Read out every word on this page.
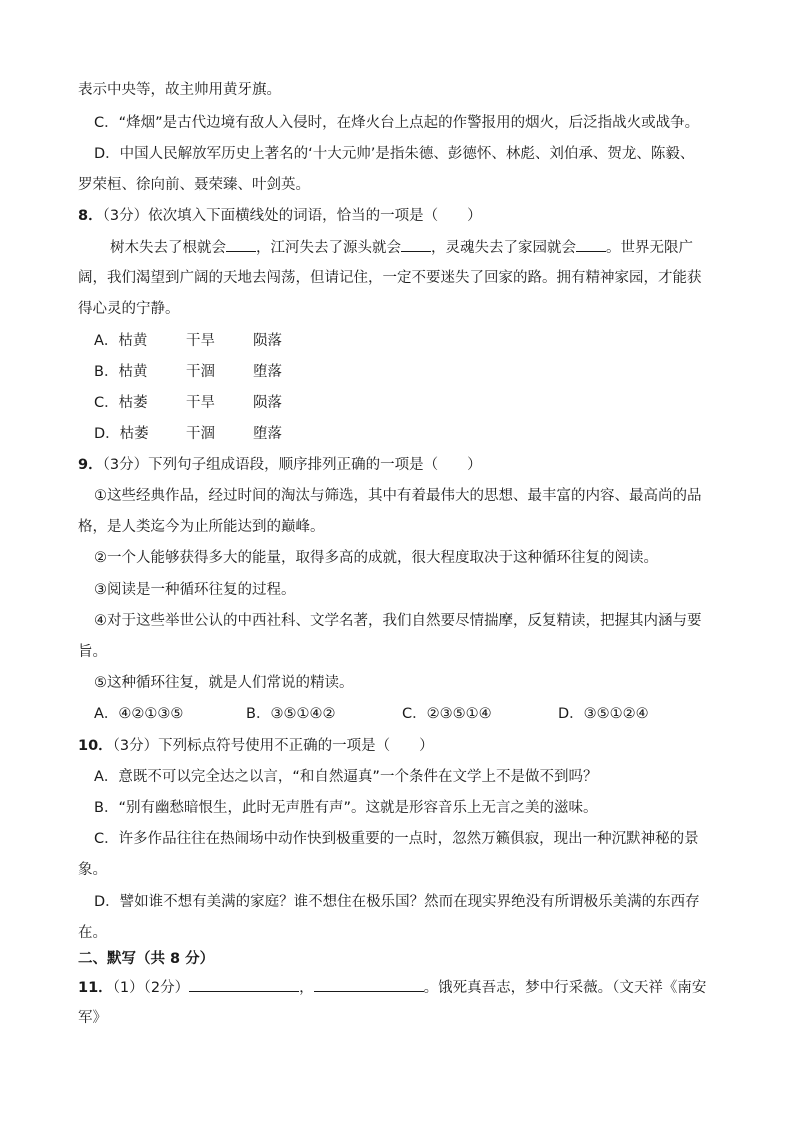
表示中央等，故主帅用黄牙旗。
C．“烽烟”是古代边境有敌人入侵时，在烽火台上点起的作警报用的烟火，后泛指战火或战争。
D．中国人民解放军历史上著名的‘十大元帅’是指朱德、彭德怀、林彪、刘伯承、贺龙、陈毅、
罗荣桓、徐向前、聂荣臻、叶剑英。
8．（3分）依次填入下面横线处的词语，恰当的一项是（　　）
树木失去了根就会 ，江河失去了源头就会 ，灵魂失去了家园就会 。世界无限广
阔，我们渴望到广阔的天地去闯荡，但请记住，一定不要迷失了回家的路。拥有精神家园，才能获
得心灵的宁静。
A．枯黄	干旱	陨落
B．枯黄	干涸	堕落
C．枯萎	干旱	陨落
D．枯萎	干涸	堕落
9．（3分）下列句子组成语段，顺序排列正确的一项是（　　）
①这些经典作品，经过时间的淘汰与筛选，其中有着最伟大的思想、最丰富的内容、最高尚的品
格，是人类迄今为止所能达到的巅峰。
②一个人能够获得多大的能量，取得多高的成就，很大程度取决于这种循环往复的阅读。
③阅读是一种循环往复的过程。
④对于这些举世公认的中西社科、文学名著，我们自然要尽情揣摩，反复精读，把握其内涵与要
旨。
⑤这种循环往复，就是人们常说的精读。
A．④②①③⑤	B．③⑤①④②	C．②③⑤①④	D．③⑤①②④
10．（3分）下列标点符号使用不正确的一项是（　　）
A．意既不可以完全达之以言，“和自然逼真”一个条件在文学上不是做不到吗？
B．“别有幽愁暗恨生，此时无声胜有声”。这就是形容音乐上无言之美的滋味。
C．许多作品往往在热闹场中动作快到极重要的一点时，忽然万籁俱寂，现出一种沉默神秘的景
象。
D．譬如谁不想有美满的家庭？谁不想住在极乐国？然而在现实界绝没有所谓极乐美满的东西存
在。
二、默写（共 8 分）
11．（1）（2分）	，	。饿死真吾志，梦中行采薇。（文天祥《南安
军》
